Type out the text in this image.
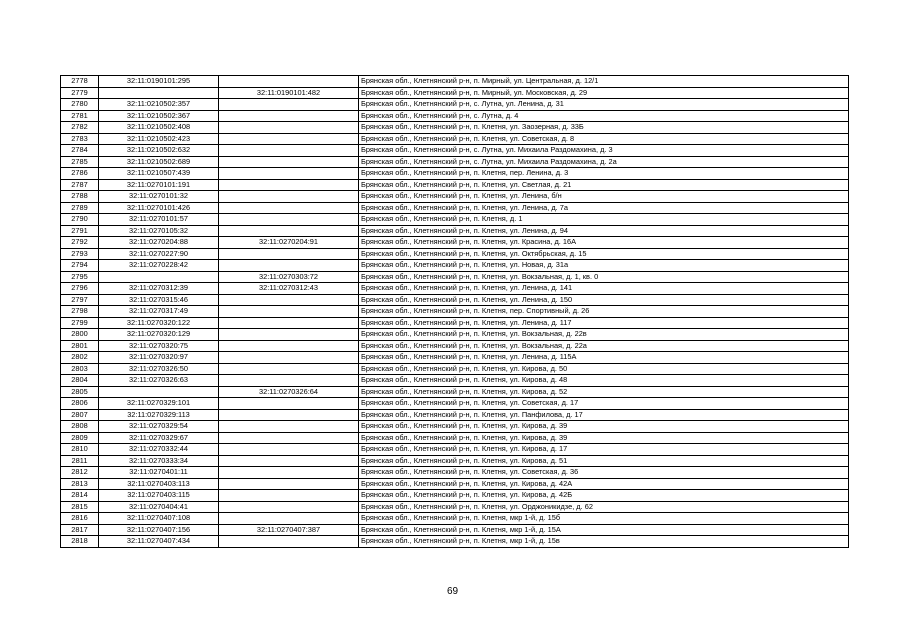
2778	32:11:0190101:295		Брянская обл., Клетнянский р-н, п. Мирный, ул. Центральная, д. 12/1
2779		32:11:0190101:482	Брянская обл., Клетнянский р-н, п. Мирный, ул. Московская, д. 29
2780	32:11:0210502:357		Брянская обл., Клетнянский р-н, с. Лутна, ул. Ленина, д. 31
2781	32:11:0210502:367		Брянская обл., Клетнянский р-н, с. Лутна, д. 4
2782	32:11:0210502:408		Брянская обл., Клетнянский р-н, п. Клетня, ул. Заозерная, д. 33Б
2783	32:11:0210502:423		Брянская обл., Клетнянский р-н, п. Клетня, ул. Советская, д. 8
2784	32:11:0210502:632		Брянская обл., Клетнянский р-н, с. Лутна, ул. Михаила Раздомахина, д. 3
2785	32:11:0210502:689		Брянская обл., Клетнянский р-н, с. Лутна, ул. Михаила Раздомахина, д. 2а
2786	32:11:0210507:439		Брянская обл., Клетнянский р-н, п. Клетня, пер. Ленина, д. 3
2787	32:11:0270101:191		Брянская обл., Клетнянский р-н, п. Клетня, ул. Светлая, д. 21
2788	32:11:0270101:32		Брянская обл., Клетнянский р-н, п. Клетня, ул. Ленина, б/н
2789	32:11:0270101:426		Брянская обл., Клетнянский р-н, п. Клетня, ул. Ленина, д. 7а
2790	32:11:0270101:57		Брянская обл., Клетнянский р-н, п. Клетня, д. 1
2791	32:11:0270105:32		Брянская обл., Клетнянский р-н, п. Клетня, ул. Ленина, д. 94
2792	32:11:0270204:88	32:11:0270204:91	Брянская обл., Клетнянский р-н, п. Клетня, ул. Красина, д. 16А
2793	32:11:0270227:90		Брянская обл., Клетнянский р-н, п. Клетня, ул. Октябрьская, д. 15
2794	32:11:0270228:42		Брянская обл., Клетнянский р-н, п. Клетня, ул. Новая, д. 31а
2795		32:11:0270303:72	Брянская обл., Клетнянский р-н, п. Клетня, ул. Вокзальная, д. 1, кв. 0
2796	32:11:0270312:39	32:11:0270312:43	Брянская обл., Клетнянский р-н, п. Клетня, ул. Ленина, д. 141
2797	32:11:0270315:46		Брянская обл., Клетнянский р-н, п. Клетня, ул. Ленина, д. 150
2798	32:11:0270317:49		Брянская обл., Клетнянский р-н, п. Клетня, пер. Спортивный, д. 26
2799	32:11:0270320:122		Брянская обл., Клетнянский р-н, п. Клетня, ул. Ленина, д. 117
2800	32:11:0270320:129		Брянская обл., Клетнянский р-н, п. Клетня, ул. Вокзальная, д. 22в
2801	32:11:0270320:75		Брянская обл., Клетнянский р-н, п. Клетня, ул. Вокзальная, д. 22а
2802	32:11:0270320:97		Брянская обл., Клетнянский р-н, п. Клетня, ул. Ленина, д. 115А
2803	32:11:0270326:50		Брянская обл., Клетнянский р-н, п. Клетня, ул. Кирова, д. 50
2804	32:11:0270326:63		Брянская обл., Клетнянский р-н, п. Клетня, ул. Кирова, д. 48
2805		32:11:0270326:64	Брянская обл., Клетнянский р-н, п. Клетня, ул. Кирова, д. 52
2806	32:11:0270329:101		Брянская обл., Клетнянский р-н, п. Клетня, ул. Советская, д. 17
2807	32:11:0270329:113		Брянская обл., Клетнянский р-н, п. Клетня, ул. Панфилова, д. 17
2808	32:11:0270329:54		Брянская обл., Клетнянский р-н, п. Клетня, ул. Кирова, д. 39
2809	32:11:0270329:67		Брянская обл., Клетнянский р-н, п. Клетня, ул. Кирова, д. 39
2810	32:11:0270332:44		Брянская обл., Клетнянский р-н, п. Клетня, ул. Кирова, д. 17
2811	32:11:0270333:34		Брянская обл., Клетнянский р-н, п. Клетня, ул. Кирова, д. 51
2812	32:11:0270401:11		Брянская обл., Клетнянский р-н, п. Клетня, ул. Советская, д. 36
2813	32:11:0270403:113		Брянская обл., Клетнянский р-н, п. Клетня, ул. Кирова, д. 42А
2814	32:11:0270403:115		Брянская обл., Клетнянский р-н, п. Клетня, ул. Кирова, д. 42Б
2815	32:11:0270404:41		Брянская обл., Клетнянский р-н, п. Клетня, ул. Орджоникидзе, д. 62
2816	32:11:0270407:108		Брянская обл., Клетнянский р-н, п. Клетня, мкр 1-й, д. 15б
2817	32:11:0270407:156	32:11:0270407:387	Брянская обл., Клетнянский р-н, п. Клетня, мкр 1-й, д. 15А
2818	32:11:0270407:434		Брянская обл., Клетнянский р-н, п. Клетня, мкр 1-й, д. 15в
69
